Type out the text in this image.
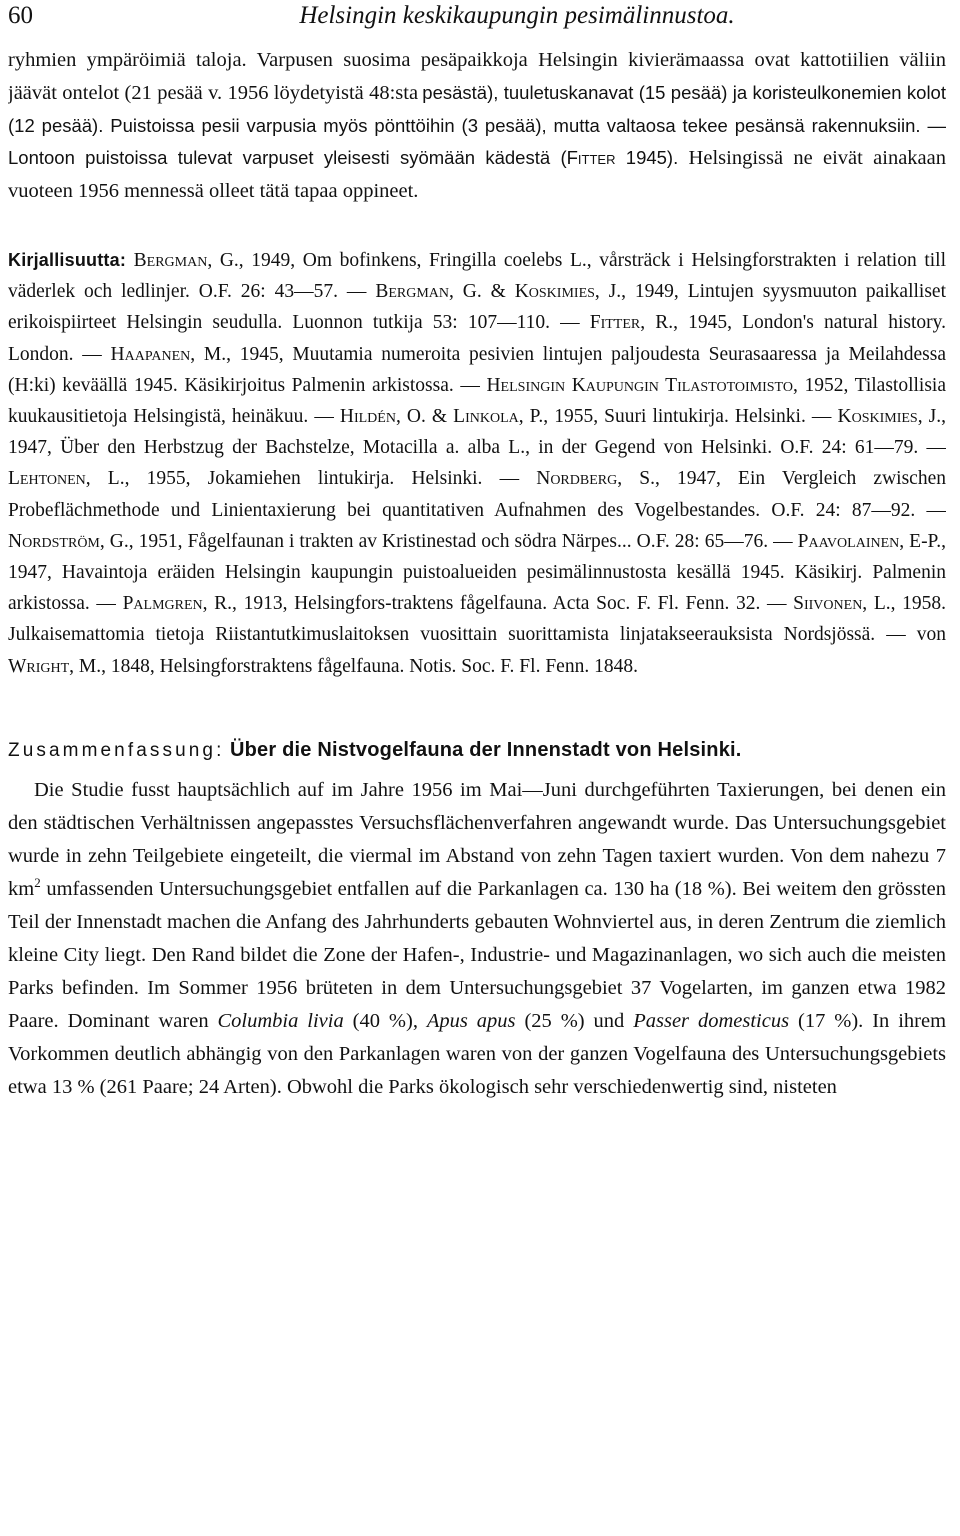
60	Helsingin keskikaupungin pesimälinnustoa.

ryhmien ympäröimiä taloja. Varpusen suosima pesäpaikkoja Helsingin kivierämaassa ovat kattotiilien väliin jäävät ontelot (21 pesää v. 1956 löydetyistä 48:sta pesästä), tuuletuskanavat (15 pesää) ja koristeulkonemien kolot (12 pesää). Puistoissa pesii varpusia myös pönttöihin (3 pesää), mutta valtaosa tekee pesänsä rakennuksiin. — Lontoon puistoissa tulevat varpuset yleisesti syömään kädestä (Fitter 1945). Helsingissä ne eivät ainakaan vuoteen 1956 mennessä olleet tätä tapaa oppineet.

Kirjallisuutta: Bergman, G., 1949, Om bofinkens, Fringilla coelebs L., vårsträck i Helsingforstrakten i relation till väderlek och ledlinjer. O.F. 26: 43—57. — Bergman, G. & Koskimies, J., 1949, Lintujen syysmuuton paikalliset erikoispiirteet Helsingin seudulla. Luonnon tutkija 53: 107—110. — Fitter, R., 1945, London's natural history. London. — Haapanen, M., 1945, Muutamia numeroita pesivien lintujen paljoudesta Seurasaaressa ja Meilahdessa (H:ki) keväällä 1945. Käsikirjoitus Palmenin arkistossa. — Helsingin Kaupungin Tilastotoimisto, 1952, Tilastollisia kuukausitietoja Helsingistä, heinäkuu. — Hildén, O. & Linkola, P., 1955, Suuri lintukirja. Helsinki. — Koskimies, J., 1947, Über den Herbstzug der Bachstelze, Motacilla a. alba L., in der Gegend von Helsinki. O.F. 24: 61—79. — Lehtonen, L., 1955, Jokamiehen lintukirja. Helsinki. — Nordberg, S., 1947, Ein Vergleich zwischen Probeflächmethode und Linientaxierung bei quantitativen Aufnahmen des Vogelbestandes. O.F. 24: 87—92. — Nordström, G., 1951, Fågelfaunan i trakten av Kristinestad och södra Närpes... O.F. 28: 65—76. — Paavolainen, E-P., 1947, Havaintoja eräiden Helsingin kaupungin puistoalueiden pesimälinnustosta kesällä 1945. Käsikirj. Palmenin arkistossa. — Palmgren, R., 1913, Helsingfors-traktens fågelfauna. Acta Soc. F. Fl. Fenn. 32. — Siivonen, L., 1958. Julkaisemattomia tietoja Riistantutkimuslaitoksen vuosittain suorittamista linjatakseerauksista Nordsjössä. — von Wright, M., 1848, Helsingforstraktens fågelfauna. Notis. Soc. F. Fl. Fenn. 1848.

Zusammenfassung: Über die Nistvogelfauna der Innenstadt von Helsinki.

Die Studie fusst hauptsächlich auf im Jahre 1956 im Mai—Juni durchgeführten Taxierungen, bei denen ein den städtischen Verhältnissen angepasstes Versuchsflächenverfahren angewandt wurde. Das Untersuchungsgebiet wurde in zehn Teilgebiete eingeteilt, die viermal im Abstand von zehn Tagen taxiert wurden. Von dem nahezu 7 $km^2$ umfassenden Untersuchungsgebiet entfallen auf die Parkanlagen ca. 130 ha (18 %). Bei weitem den grössten Teil der Innenstadt machen die Anfang des Jahrhunderts gebauten Wohnviertel aus, in deren Zentrum die ziemlich kleine City liegt. Den Rand bildet die Zone der Hafen-, Industrie- und Magazinanlagen, wo sich auch die meisten Parks befinden. Im Sommer 1956 brüteten in dem Untersuchungsgebiet 37 Vogelarten, im ganzen etwa 1982 Paare. Dominant waren Columbia livia (40 %), Apus apus (25 %) und Passer domesticus (17 %). In ihrem Vorkommen deutlich abhängig von den Parkanlagen waren von der ganzen Vogelfauna des Untersuchungsgebiets etwa 13 % (261 Paare; 24 Arten). Obwohl die Parks ökologisch sehr verschiedenwertig sind, nisteten
